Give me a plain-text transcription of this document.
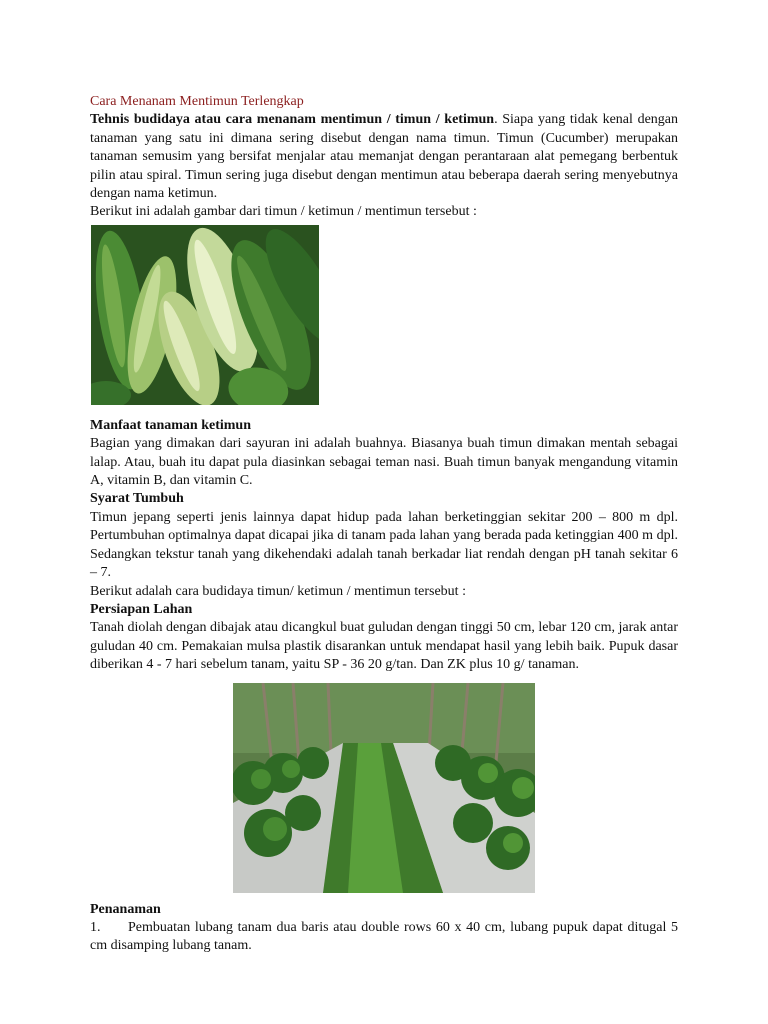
Cara Menanam Mentimun Terlengkap

Tehnis budidaya atau cara menanam mentimun / timun / ketimun. Siapa yang tidak kenal dengan tanaman yang satu ini dimana sering disebut dengan nama timun. Timun (Cucumber) merupakan tanaman semusim yang bersifat menjalar atau memanjat dengan perantaraan alat pemegang berbentuk pilin atau spiral. Timun sering juga disebut dengan mentimun atau beberapa daerah sering menyebutnya dengan nama ketimun.

Berikut ini adalah gambar dari timun / ketimun / mentimun tersebut :

Manfaat tanaman ketimun

Bagian yang dimakan dari sayuran ini adalah buahnya. Biasanya buah timun dimakan mentah sebagai lalap. Atau, buah itu dapat pula diasinkan sebagai teman nasi. Buah timun banyak mengandung vitamin A, vitamin B, dan vitamin C.

Syarat Tumbuh

Timun jepang seperti jenis lainnya dapat hidup pada lahan berketinggian sekitar 200 – 800 m dpl. Pertumbuhan optimalnya dapat dicapai jika di tanam pada lahan yang berada pada ketinggian 400 m dpl. Sedangkan tekstur tanah yang dikehendaki adalah tanah berkadar liat rendah dengan pH tanah sekitar 6 – 7.

Berikut adalah cara budidaya timun/ ketimun / mentimun tersebut :

Persiapan Lahan

Tanah diolah dengan dibajak atau dicangkul buat guludan dengan tinggi 50 cm, lebar 120 cm, jarak antar guludan 40 cm. Pemakaian mulsa plastik disarankan untuk mendapat hasil yang lebih baik. Pupuk dasar diberikan 4 - 7 hari sebelum tanam, yaitu SP - 36 20 g/tan. Dan ZK plus 10 g/ tanaman.

Penanaman

1. Pembuatan lubang tanam dua baris atau double rows 60 x 40 cm, lubang pupuk dapat ditugal 5 cm disamping lubang tanam.
